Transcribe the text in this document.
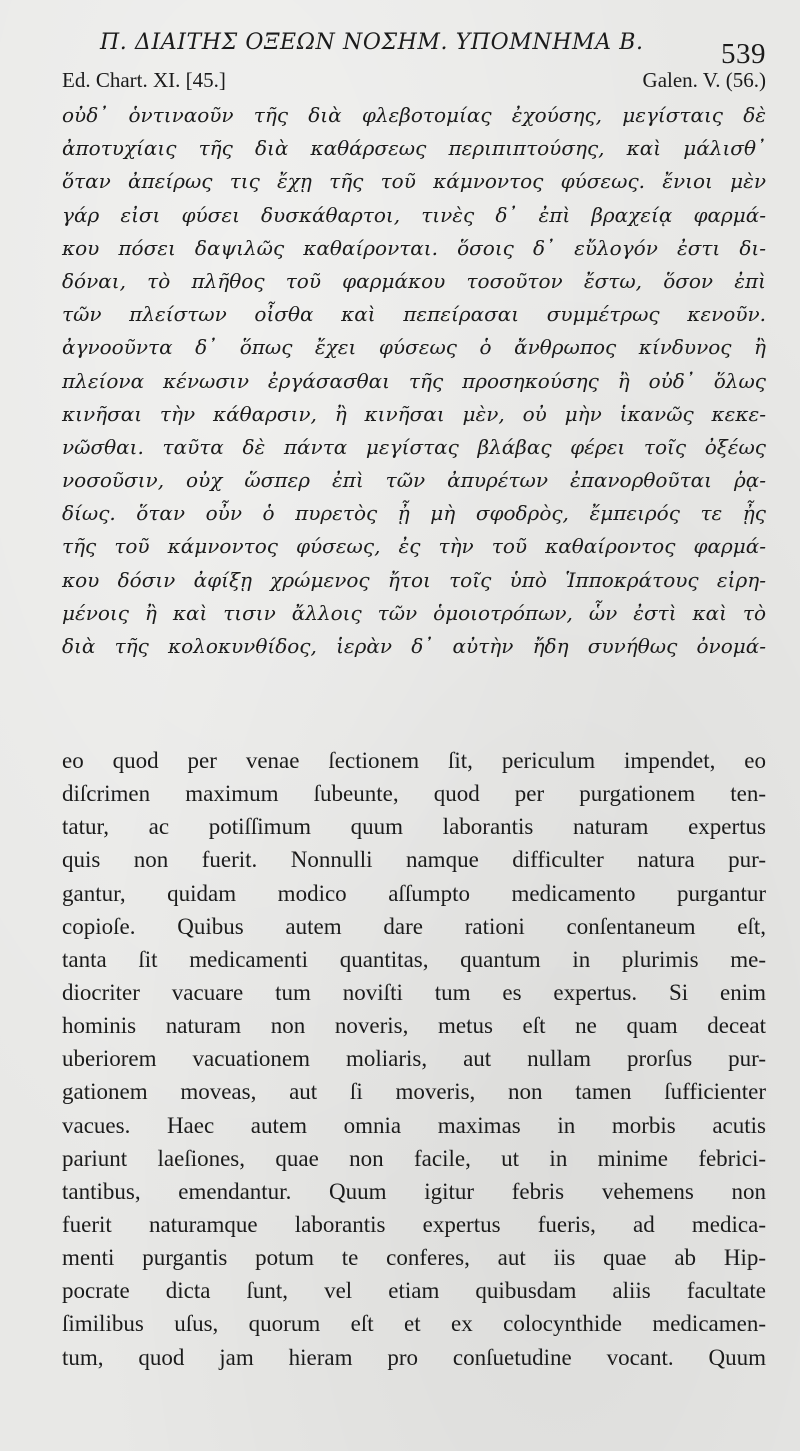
Π. ΔΙΑΙΤΗΣ ΟΞΕΩΝ ΝΟΣΗΜ. ΥΠΟΜΝΗΜΑ Β.	539
Ed. Chart. XI. [45.]	Galen. V. (56.)
οὐδ᾽ ὁντιναοῦν τῆς διὰ φλεβοτομίας ἐχούσης, μεγίσταις δὲ
ἀποτυχίαις τῆς διὰ καθάρσεως περιπιπτούσης, καὶ μάλισθ᾽
ὅταν ἀπείρως τις ἔχῃ τῆς τοῦ κάμνοντος φύσεως. ἔνιοι μὲν
γάρ εἰσι φύσει δυσκάθαρτοι, τινὲς δ᾽ ἐπὶ βραχείᾳ φαρμά-
κου πόσει δαψιλῶς καθαίρονται. ὅσοις δ᾽ εὔλογόν ἐστι δι-
δόναι, τὸ πλῆθος τοῦ φαρμάκου τοσοῦτον ἔστω, ὅσον ἐπὶ
τῶν πλείστων οἶσθα καὶ πεπείρασαι συμμέτρως κενοῦν.
ἀγνοοῦντα δ᾽ ὅπως ἔχει φύσεως ὁ ἄνθρωπος κίνδυνος ἢ
πλείονα κένωσιν ἐργάσασθαι τῆς προσηκούσης ἢ οὐδ᾽ ὅλως
κινῆσαι τὴν κάθαρσιν, ἢ κινῆσαι μὲν, οὐ μὴν ἱκανῶς κεκε-
νῶσθαι. ταῦτα δὲ πάντα μεγίστας βλάβας φέρει τοῖς ὀξέως
νοσοῦσιν, οὐχ ὥσπερ ἐπὶ τῶν ἀπυρέτων ἐπανορθοῦται ῥᾳ-
δίως. ὅταν οὖν ὁ πυρετὸς ᾖ μὴ σφοδρὸς, ἔμπειρός τε ᾖς
τῆς τοῦ κάμνοντος φύσεως, ἐς τὴν τοῦ καθαίροντος φαρμά-
κου δόσιν ἀφίξῃ χρώμενος ἤτοι τοῖς ὑπὸ Ἱπποκράτους εἰρη-
μένοις ἢ καὶ τισιν ἄλλοις τῶν ὁμοιοτρόπων, ὧν ἐστὶ καὶ τὸ
διὰ τῆς κολοκυνθίδος, ἱερὰν δ᾽ αὐτὴν ἤδη συνήθως ὀνομά-
eo quod per venae ſectionem ſit, periculum impendet, eo
diſcrimen maximum ſubeunte, quod per purgationem ten-
tatur, ac potiſſimum quum laborantis naturam expertus
quis non fuerit. Nonnulli namque difficulter natura pur-
gantur, quidam modico aſſumpto medicamento purgantur
copioſe. Quibus autem dare rationi conſentaneum eſt,
tanta ſit medicamenti quantitas, quantum in plurimis me-
diocriter vacuare tum noviſti tum es expertus. Si enim
hominis naturam non noveris, metus eſt ne quam deceat
uberiorem vacuationem moliaris, aut nullam prorſus pur-
gationem moveas, aut ſi moveris, non tamen ſufficienter
vacues. Haec autem omnia maximas in morbis acutis
pariunt laeſiones, quae non facile, ut in minime febrici-
tantibus, emendantur. Quum igitur febris vehemens non
fuerit naturamque laborantis expertus fueris, ad medica-
menti purgantis potum te conferes, aut iis quae ab Hip-
pocrate dicta ſunt, vel etiam quibusdam aliis facultate
ſimilibus uſus, quorum eſt et ex colocynthide medicamen-
tum, quod jam hieram pro conſuetudine vocant. Quum
